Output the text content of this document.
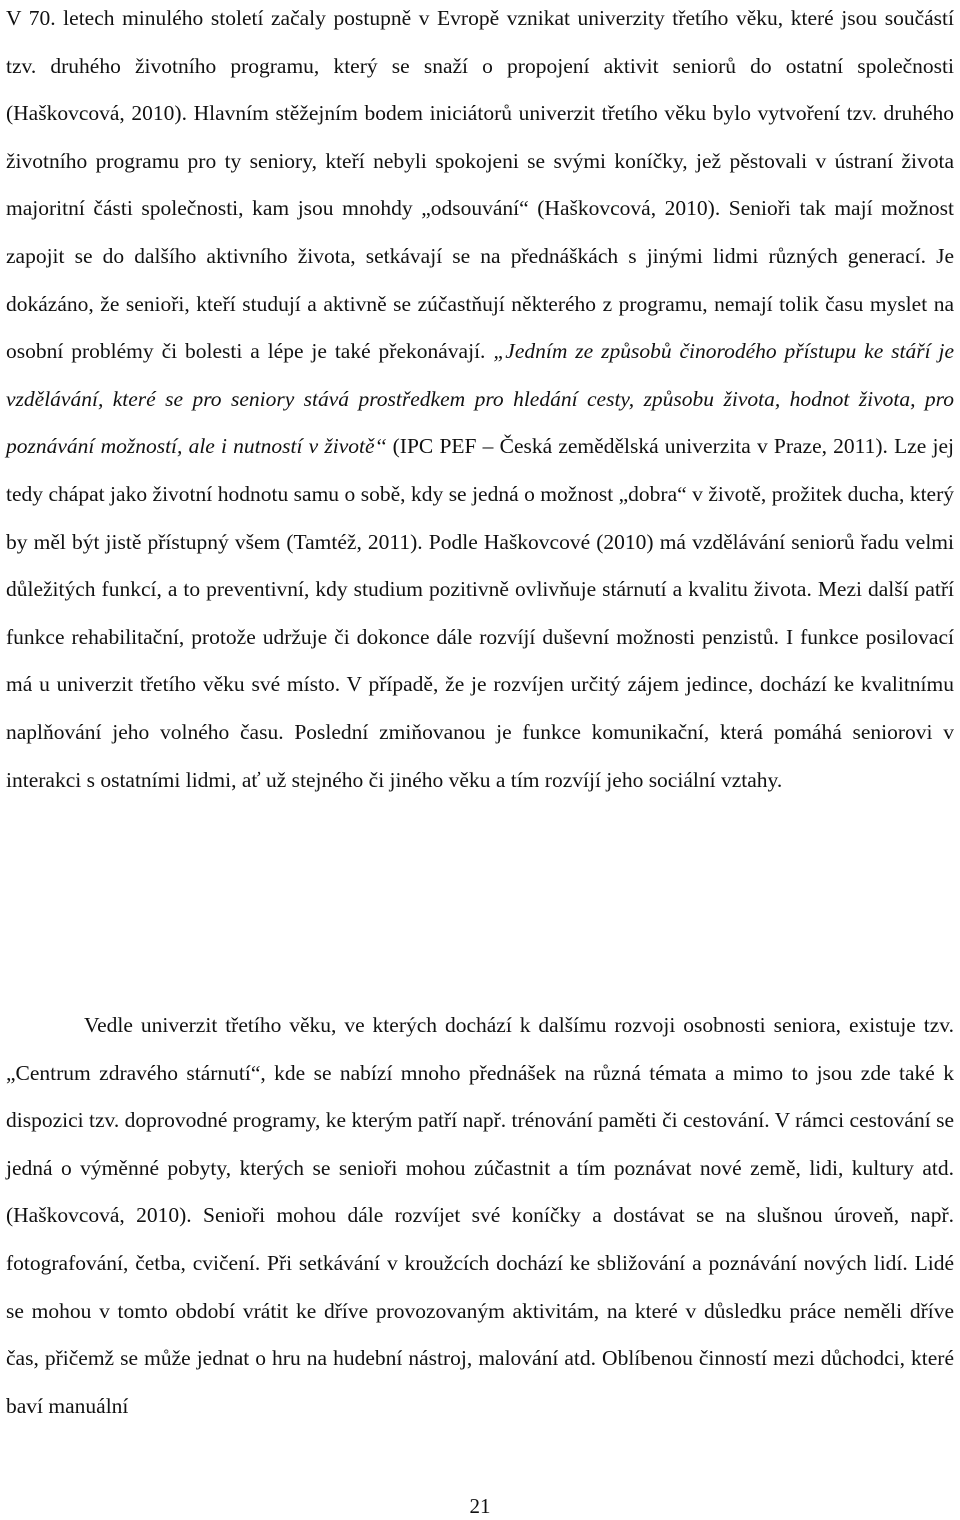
V 70. letech minulého století začaly postupně v Evropě vznikat univerzity třetího věku, které jsou součástí tzv. druhého životního programu, který se snaží o propojení aktivit seniorů do ostatní společnosti (Haškovcová, 2010). Hlavním stěžejním bodem iniciátorů univerzit třetího věku bylo vytvoření tzv. druhého životního programu pro ty seniory, kteří nebyli spokojeni se svými koníčky, jež pěstovali v ústraní života majoritní části společnosti, kam jsou mnohdy „odsouvání“ (Haškovcová, 2010). Senioři tak mají možnost zapojit se do dalšího aktivního života, setkávají se na přednáškách s jinými lidmi různých generací. Je dokázáno, že senioři, kteří studují a aktivně se zúčastňují některého z programu, nemají tolik času myslet na osobní problémy či bolesti a lépe je také překonávají. „Jedním ze způsobů činorodého přístupu ke stáří je vzdělávání, které se pro seniory stává prostředkem pro hledání cesty, způsobu života, hodnot života, pro poznávání možností, ale i nutností v životě‘‘ (IPC PEF – Česká zemědělská univerzita v Praze, 2011). Lze jej tedy chápat jako životní hodnotu samu o sobě, kdy se jedná o možnost „dobra“ v životě, prožitek ducha, který by měl být jistě přístupný všem (Tamtéž, 2011). Podle Haškovcové (2010) má vzdělávání seniorů řadu velmi důležitých funkcí, a to preventivní, kdy studium pozitivně ovlivňuje stárnutí a kvalitu života. Mezi další patří funkce rehabilitační, protože udržuje či dokonce dále rozvíjí duševní možnosti penzistů. I funkce posilovací má u univerzit třetího věku své místo. V případě, že je rozvíjen určitý zájem jedince, dochází ke kvalitnímu naplňování jeho volného času. Poslední zmiňovanou je funkce komunikační, která pomáhá seniorovi v interakci s ostatními lidmi, ať už stejného či jiného věku a tím rozvíjí jeho sociální vztahy.

Vedle univerzit třetího věku, ve kterých dochází k dalšímu rozvoji osobnosti seniora, existuje tzv. „Centrum zdravého stárnutí“, kde se nabízí mnoho přednášek na různá témata a mimo to jsou zde také k dispozici tzv. doprovodné programy, ke kterým patří např. trénování paměti či cestování. V rámci cestování se jedná o výměnné pobyty, kterých se senioři mohou zúčastnit a tím poznávat nové země, lidi, kultury atd. (Haškovcová, 2010). Senioři mohou dále rozvíjet své koníčky a dostávat se na slušnou úroveň, např. fotografování, četba, cvičení. Při setkávání v kroužcích dochází ke sbližování a poznávání nových lidí. Lidé se mohou v tomto období vrátit ke dříve provozovaným aktivitám, na které v důsledku práce neměli dříve čas, přičemž se může jednat o hru na hudební nástroj, malování atd. Oblíbenou činností mezi důchodci, které baví manuální

21
